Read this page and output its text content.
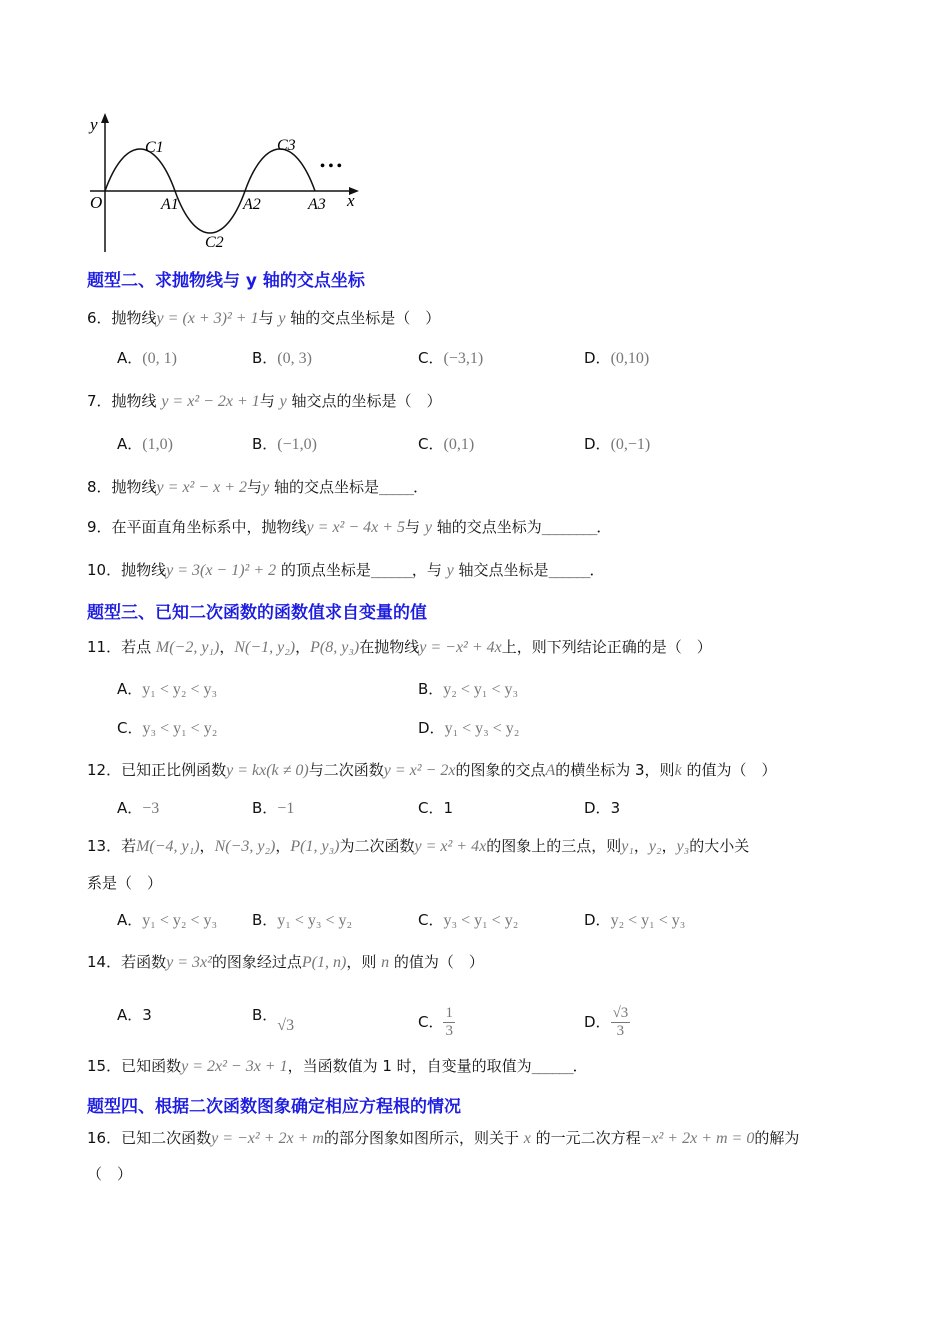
y
x
O
C1
C2
C3
A1	A2	A3
• • •
题型二、求抛物线与 y 轴的交点坐标
题型三、已知二次函数的函数值求自变量的值
题型四、根据二次函数图象确定相应方程根的情况
6．抛物线y = (x + 3)² + 1与 y 轴的交点坐标是（　）
A．(0, 1)	B．(0, 3)	C．(−3,1)	D．(0,10)
7．抛物线 y = x² − 2x + 1与 y 轴交点的坐标是（　）
A．(1,0)	B．(−1,0)	C．(0,1)	D．(0,−1)
8．抛物线y = x² − x + 2与y 轴的交点坐标是_____．
9．在平面直角坐标系中，抛物线y = x² − 4x + 5与 y 轴的交点坐标为________．
10．抛物线y = 3(x − 1)² + 2 的顶点坐标是______，与 y 轴交点坐标是______．
11．若点 M(−2, y₁)，N(−1, y₂)，P(8, y₃)在抛物线y = −x² + 4x上，则下列结论正确的是（　）
A．y₁ < y₂ < y₃	B．y₂ < y₁ < y₃
C．y₃ < y₁ < y₂	D．y₁ < y₃ < y₂
12．已知正比例函数y = kx(k ≠ 0)与二次函数y = x² − 2x的图象的交点A的横坐标为 3，则k 的值为（　）
A．−3	B．−1	C．1	D．3
13．若M(−4, y₁)，N(−3, y₂)，P(1, y₃)为二次函数y = x² + 4x的图象上的三点，则y₁，y₂，y₃的大小关
系是（　）
A．y₁ < y₂ < y₃ B．y₁ < y₃ < y₂	C．y₃ < y₁ < y₂	D．y₂ < y₁ < y₃
14．若函数y = 3x²的图象经过点P(1, n)，则 n 的值为（　）
A．3	B．√3	C． $\frac{1}{3}$	D． $\frac{√3}{3}$
15．已知函数y = 2x² − 3x + 1，当函数值为 1 时，自变量的取值为______．
16．已知二次函数y = −x² + 2x + m的部分图象如图所示，则关于 x 的一元二次方程−x² + 2x + m = 0的解为
（　）
